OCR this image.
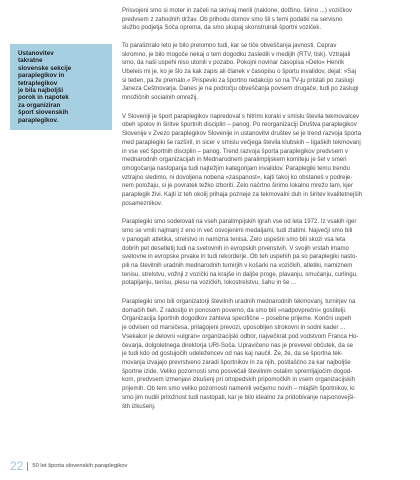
Ustanovitev
takratne
slovenske sekcije
paraplegikov in
tetraplegikov
je bila najboljši
porok in napotek
za organiziran
šport slovenskih
paraplegikov.
Prisvojeni smo si moter in začeli na skrivaj merili (naklone, dolžino, širino ...) vozičkov
predvsem z zahodnih držav. Ob prihodu domov smo šli s temi podatki na servisno
službo podjetja Soča oprema, da smo skupaj skonstruirali športni voziček.
To paraliziralo leto je bilo prelomno tudi, kar se tiče obveščanja javnosti. Čeprav
skromno, je bilo mogoče nekaj o tem dogodku zasledili v medijih (RTV, tisk). Vztrajali
smo, da naši uspehi niso utonili v pozabo. Pokojni novinar časopisa »Delo« Henrik
Ubeleis mi je, ko je šlo za kak zapis ali članek v časopisu o športu invalidov, dejal: »Saj
si teden, pa že premalo.« Prispevki za športno redakcijo so na TV-ju pristali po zaslugi
Janeza Češtnovarja. Danes je na področju obveščanja povsem drugače, tudi po zaslugi
množičnih socialnih omrežij.
V Sloveniji je šport paraplegikov napredoval s hitrimi koraki v smislu števila tekmovalcev
obeh spolov in širitve športnih disciplin – panog. Po reorganizaciji Društva paraplegikov
Slovenije v Zvezo paraplegikov Slovenije in ustanovitvi društev se je trend razvoja športa
med paraplegiki še razširil, in sicer v smislu večjega števila klubskih – ligaških tekmovanj
in vse več športnih disciplin – panog. Trend razvoja športa paraplegikov predvsem v
mednarodnih organizacijah in Mednarodnem paralimpijskem komiteju je šel v smeri
omogočanja nastopanja tudi najtežjim kategorijam invalidov. Paraplegiki temu trendu
vztrajno sledimo, ni dovoljena nobena »zaspanost«, kajti takoj ko obstaneš v podreje-
nem položaju, si je povratek težko izboriti. Zelo načrtno širimo lokalno mrežo tam, kjer
paraplegik živi. Kajti iz teh okolij prihaja pozneje za tekmovalni duh in širitev kvalitetnejših
posameznikov.
Paraplegiki smo sodelovali na vseh paralimpijskih igrah vse od leta 1972. Iz vsakih iger
smo se vrnili najmanj z eno in več osvojenimi medaljami, tudi zlatimi. Največji smo bili
v panogah atletika, strelstvo in namizna tenisa. Zelo uspešni smo bili skozi vsa leta
dobrih pet desetletij tudi na svetovnih in evropskih prvenstvih. V svojih vrstah imamo
svetovne in evropske prvake in tudi rekorderje. Ob teh uspehih pa so paraplegiki nasto-
pili na številnih uradnih mednarodnih turnirjih v košarki na vozičkih, atletiki, namiznem
tenisu, strelstvu, vožnji z vozički na krajše in daljše proge, plavanju, smučanju, curlingu,
potapljanju, tenisu, plesu na vozičkih, lokostrelstvu, šahu in še ...
Paraplegiki smo bili organizatorji številnih uradnih mednarodnih tekmovanj, turnirjev na
domačih tleh. Z radostjo in ponosom povemo, da smo bili »nadpovprečni« gostitelji.
Organizacija športnih dogodkov zahteva specifične – posebne prijeme. Končni uspeh
je odvisen od marsičesa, prilagojeni prevozi, uposobljen strokovni in sodni kader ...
Vsekakor je delovni »ulgran« organizacijski odbor, največkrat pod vodstvom Franca Ho-
čevarja, dolgoletnega direktorja URI-Soča. Upravičeno nas je prevevel občutek, da se
je tudi kdo od gostujočih udeležencev od nas kaj naučil. Že, že, da se športna tek-
movanja izvajajo prevrstveno zaradi športnikov in za njih, postlaščno za kar najboljše
športne izide. Veliko pozornosti smo posvečali številnim ostalim spremljajočim dogod-
kom, predvsem izmenjavi izkušenj pri ortopedskih pripomočkih in vsem organizacijskih
prijemih. Ob tem smo veliko pozornosti namenili večjemu novih – mlajših športnikov, ki
smo jim nudili priložnost tudi nastopati, kar je bilo idealno za pridobivanje najsonovejši-
šth izkušenj.
22 50 let športa slovenskih paraplegikov
